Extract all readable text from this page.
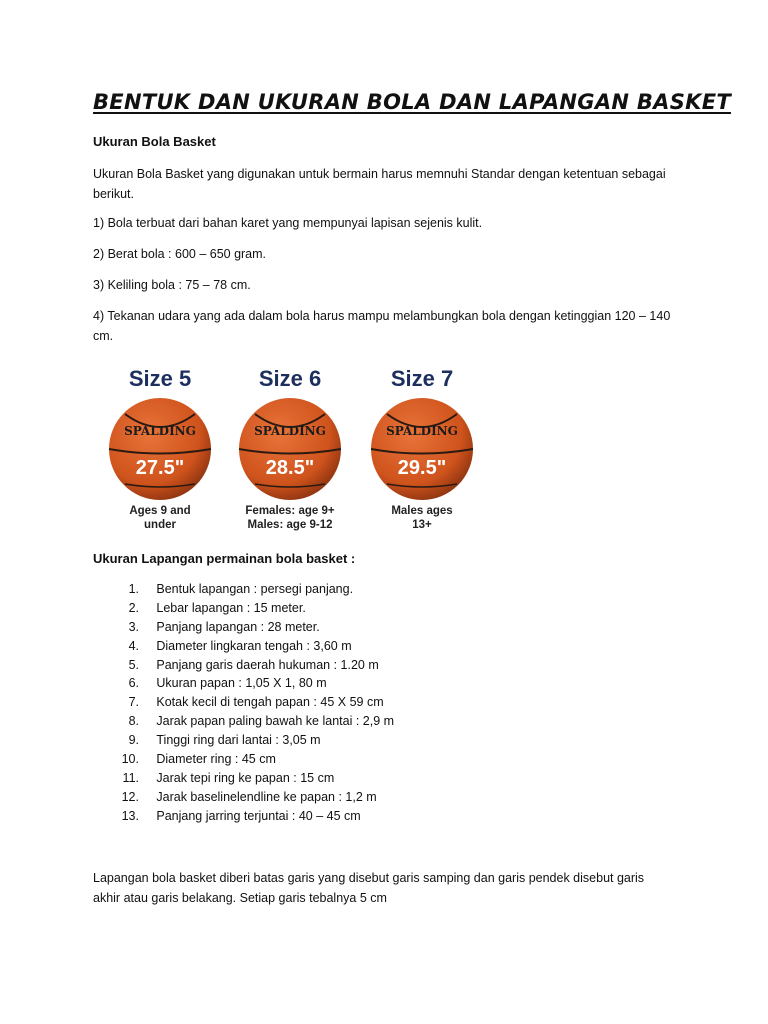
BENTUK DAN UKURAN BOLA DAN LAPANGAN BASKET
Ukuran Bola Basket

Ukuran Bola Basket yang digunakan untuk bermain harus memnuhi Standar dengan ketentuan sebagai berikut.

1) Bola terbuat dari bahan karet yang mempunyai lapisan sejenis kulit.

2) Berat bola : 600 – 650 gram.

3) Keliling bola : 75 – 78 cm.

4) Tekanan udara yang ada dalam bola harus mampu melambungkan bola dengan ketinggian 120 – 140 cm.

Size 5
SPALDING
27.5"
Ages 9 and
under
Size 6
SPALDING
28.5"
Females: age 9+
Males: age 9-12
Size 7
SPALDING
29.5"
Males ages
13+
Ukuran Lapangan permainan bola basket :
1. Bentuk lapangan : persegi panjang.
2. Lebar lapangan : 15 meter.
3. Panjang lapangan : 28 meter.
4. Diameter lingkaran tengah : 3,60 m
5. Panjang garis daerah hukuman : 1.20 m
6. Ukuran papan : 1,05 X 1, 80 m
7. Kotak kecil di tengah papan : 45 X 59 cm
8. Jarak papan paling bawah ke lantai : 2,9 m
9. Tinggi ring dari lantai : 3,05 m
10. Diameter ring : 45 cm
11. Jarak tepi ring ke papan : 15 cm
12. Jarak baselinelendline ke papan : 1,2 m
13. Panjang jarring terjuntai : 40 – 45 cm

Lapangan bola basket diberi batas garis yang disebut garis samping dan garis pendek disebut garis akhir atau garis belakang. Setiap garis tebalnya 5 cm
